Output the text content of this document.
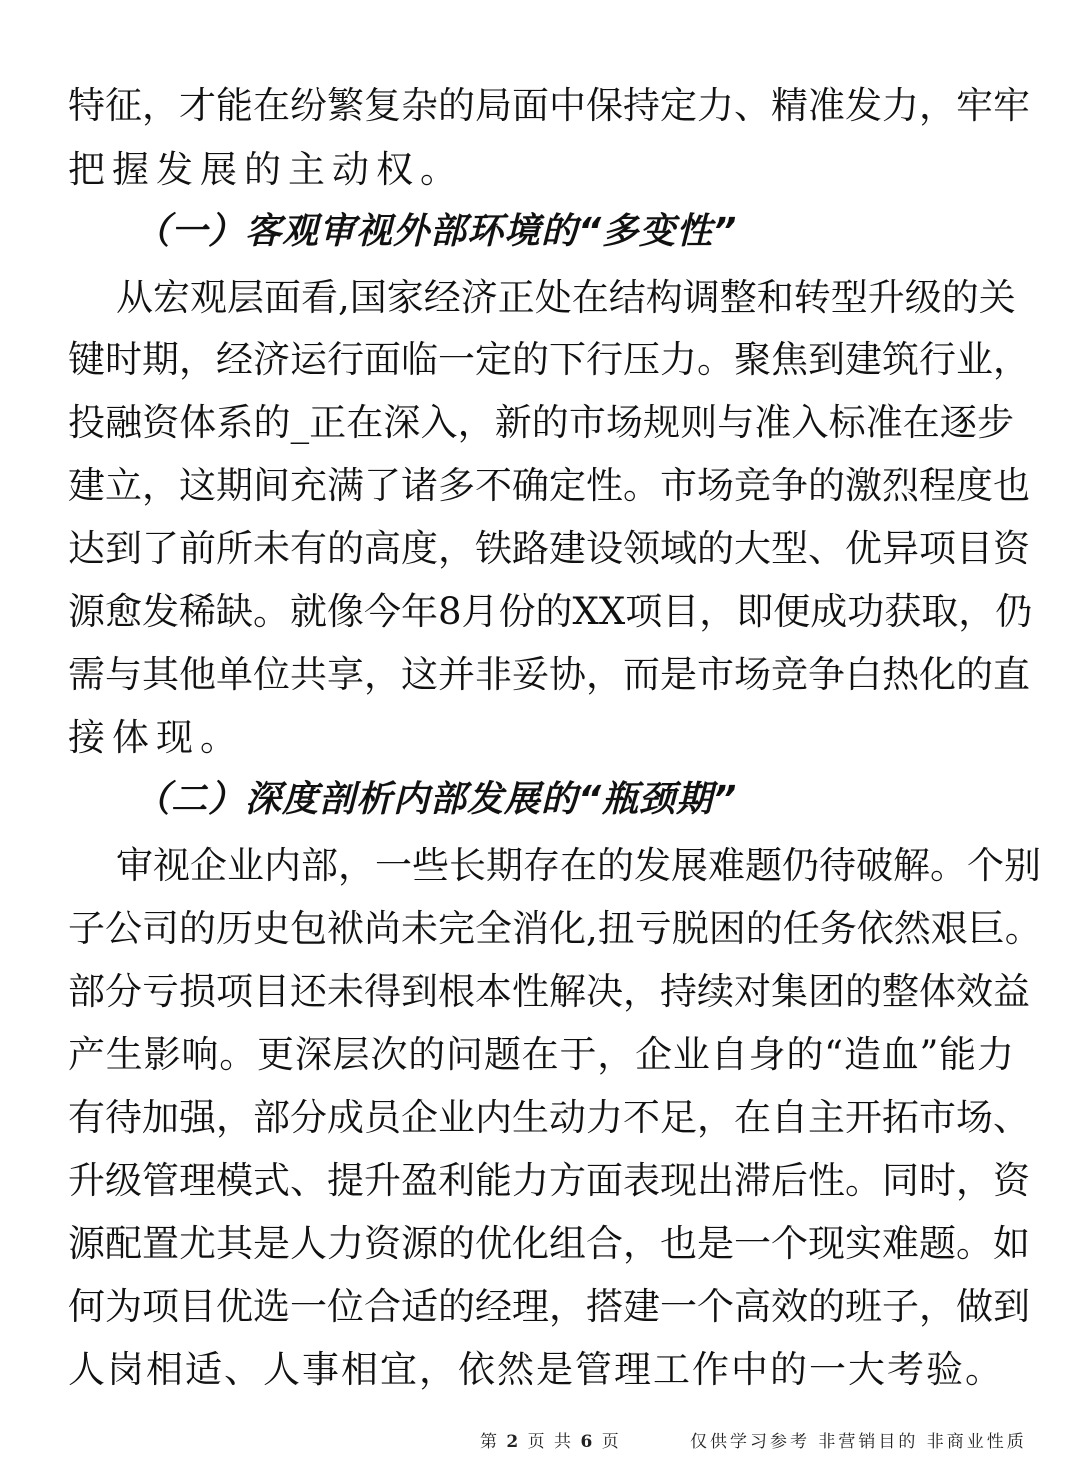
特征，才能在纷繁复杂的局面中保持定力、精准发力，牢牢
把握发展的主动权。
（一）客观审视外部环境的“多变性”
从宏观层面看,国家经济正处在结构调整和转型升级的关
键时期，经济运行面临一定的下行压力。聚焦到建筑行业，
投融资体系的_正在深入，新的市场规则与准入标准在逐步
建立，这期间充满了诸多不确定性。市场竞争的激烈程度也
达到了前所未有的高度，铁路建设领域的大型、优异项目资
源愈发稀缺。就像今年8月份的XX项目，即便成功获取，仍
需与其他单位共享，这并非妥协，而是市场竞争白热化的直
接体现。
（二）深度剖析内部发展的“瓶颈期”
审视企业内部，一些长期存在的发展难题仍待破解。个别
子公司的历史包袱尚未完全消化,扭亏脱困的任务依然艰巨。
部分亏损项目还未得到根本性解决，持续对集团的整体效益
产生影响。更深层次的问题在于，企业自身的“造血”能力
有待加强，部分成员企业内生动力不足，在自主开拓市场、
升级管理模式、提升盈利能力方面表现出滞后性。同时，资
源配置尤其是人力资源的优化组合，也是一个现实难题。如
何为项目优选一位合适的经理，搭建一个高效的班子，做到
人岗相适、人事相宜，依然是管理工作中的一大考验。
第 2 页 共 6 页	仅供学习参考 非营销目的 非商业性质
